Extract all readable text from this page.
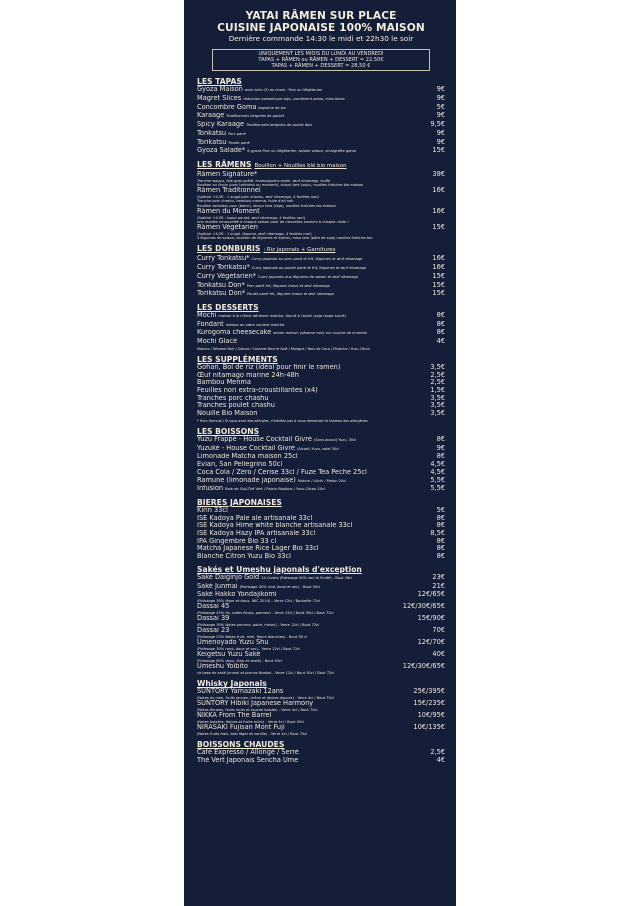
YATAI RÂMEN SUR PLACE
CUISINE JAPONAISE 100% MAISON
Dernière commande 14:30 le midi et 22h30 le soir
UNIQUEMENT LES MIDIS DU LUNDI AU VENDREDI
TAPAS + RÂMEN ou RÂMEN + DESSERT = 22,50€
TAPAS + RÂMEN + DESSERT = 28,50 €
LES TAPAS
Gyoza Maison avec tuile (5) au choix : Porc ou Végétarien	9€
Magret Slices réduction balsamique soja, condiment pesto, miso blanc	9€
Concombre Goma jagnaine de pin	5€
Karaage Traditionnels beignets de poulet	9€
Spicy Karaage Traditionnels beignets de poulet épic	9,5€
Tonkatsu Porc pané	9€
Torikatsu Poulet pané	9€
Gyoza Salade* 6 gyoza Porc ou Végétarien, salade saison, vinaigrette goma	15€
LES RÂMENS Bouillon + Nouilles blé bio maison
Râmen Signature*	38€
Tranche wagyu, foie gras poêlé, champignons enoki, œuf nitamago, truffe
Bouillon au choix (porc torikotsu ou moment), shoyu tare (soja), nouilles fraîches bio maison
Râmen Traditionnel	16€
(Spécial +4,5€ : 1 suppl.porc chashu, œuf nitamago, 4 feuilles nori)
Tranche porc chashu, bambou menma, huile d'ail noir
Bouillon tonkatsu porc (blanc), shoyu tare (soja), nouilles fraîches bio maison
Râmen du Moment	16€
(Spécial +4,5€ : suppl poulet, œuf nitamago, 4 feuilles nori)
une recette renouvelée à chaque saison pour de nouvelles saveurs à chaque visite !
Râmen Végétarien	15€
(Spécial +4,5€ : 1 suppl. légume, œuf nitamago, 4 feuilles nori)
3 légumes de saison, bouillon de légumes et épices, miso tare (pâte de soja) nouilles fraîches bio
LES DONBURIS : Riz japonais + Garnitures
Curry Tonkatsu* Curry japonais au porc pané et frit, légumes et œuf nitamago	16€
Curry Torikatsu* Curry japonais au poulet pané et frit, légumes et œuf nitamago	16€
Curry Végétarien* Curry japonais aux légumes de saison et œuf nitamago	15€
Tonkatsu Don* Porc pané frit, légume choux et œuf nitamago	15€
Torikatsu Don* Poulet pané frit, légume choux et œuf nitamago	15€
LES DESSERTS
Mochi maison à la crème aérienne matcha, fourré à l'azuki (soja rouge sucré)	8€
Fondant maison au cœur coulant matcha	8€
Kurogoma cheesecake aenen maison (sésame noir) sur couche de crumble	8€
Mochi Glacé	4€
Matcha / Sésame Noir / Sakura / Caramel Beurre Salé / Mangue / Noix de Coco / Pistache / Yuzu-Citron
LES SUPPLÉMENTS
Gohan, Bol de riz (idéal pour finir le ramen)	3,5€
Œuf nitamago mariné 24h-48h	2,5€
Bambou Menma	2,5€
Feuilles nori extra-croustillantes (x4)	1,5€
Tranches porc chashu	3,5€
Tranches poulet chashu	3,5€
Nouille Bio Maison	3,5€
* Hors formule / Si vous avez des allergies, n'hésitez pas à nous demander le tableau des allergènes
LES BOISSONS
Yuzu Frappé - House Cocktail Givré (Sans alcool) Yuzu, 30cl	8€
Yuzuké - House Cocktail Givré (Alcool) Yuzu, saké 30cl	9€
Limonade Matcha maison 25cl	8€
Evian, San Pellegrino 50cl	4,5€
Coca Cola / Zéro / Cerise 33cl / Fuze Tea Peche 25cl	4,5€
Ramune (limonade japonaise) Nature / Litchi / Melon 20cl	5,5€
Infusion Baie de Goji-Thé Vert / Raisin-Rooibos / Yuzu-Citron 20cl	5,5€
BIERES JAPONAISES
Kirin 33cl	5€
ISE Kadoya Pale ale artisanale 33cl	8€
ISE Kadoya Hime white blanche artisanale 33cl	8€
ISE Kadoya Hazy IPA artisanale 33cl	8,5€
IPA Gingembre Bio 33 cl	8€
Matcha Japanese Rice Lager Bio 33cl	8€
Blanche Citron Yuzu Bio 33cl	8€
Sakés et Umeshu japonals d'exception
Saké Daiginjo Gold 24 Carats (Polissage 50% sec et Fruité) - Bout 18cl	23€
Saké Junmai (Polissage 30% riod, doux et sec) - Bout 30cl	21€
Saké Hakko Yondajikomi	12€/65€
(Polissage 30% léger et doux, IWC 2014) - Verre 12cl / Bouteille 72cl
Dassai 45	12€/30€/65€
(Polissage 45% fin, notes fleurs, pomme) - Verre 12cl / Bout 30cl / Bout 72cl
Dassai 39	15€/90€
(Polissage 39% Notes pomme, poire, melon) - Verre 12cl / Bout 72cl
Dassai 23	70€
(Polissage 23% Notes fruit, miel, fleurs blanches) - Bout 30 cl
Umenoyado Yuzu Shu	12€/70€
(Polissage 30% rond, doux et sec) - Verre 12cl / Bout 72cl
Keigetsu Yuzu Saké	40€
(Polissage 60% doux, frais et zesté) - Bout 30cl
Umeshu Yoibito	12€/30€/65€
cà base de saké Junmai et prunes Nanko) - Verre 12cl / Bout 30cl / Bout 72cl
Whisky Japonais
SUNTORY Yamazaki 12ans	25€/395€
(Notes de miel, fruits jaunes, chêne et épices douces) - Verre 4cl / Bout 70cl
SUNTORY Hibiki Japanese Harmony	15€/235€
(Notes florales, fruits mûrs et touche boisée) - Verre 4cl / Bout 70cl
NIKKA From The Barrel	10€/95€
(Notes boisées, épices et fruits mûrs) - Verre 4cl / Bout 50cl
NIRASAKI Fujisan Mont Fuji	10€/135€
(Notes fruits frais, bois léger et vanille) - Verre 4cl / Bout 70cl
BOISSONS CHAUDES
Café Expresso / Allongé / Serré	2,5€
Thé Vert Japonais Sencha Ume	4€
